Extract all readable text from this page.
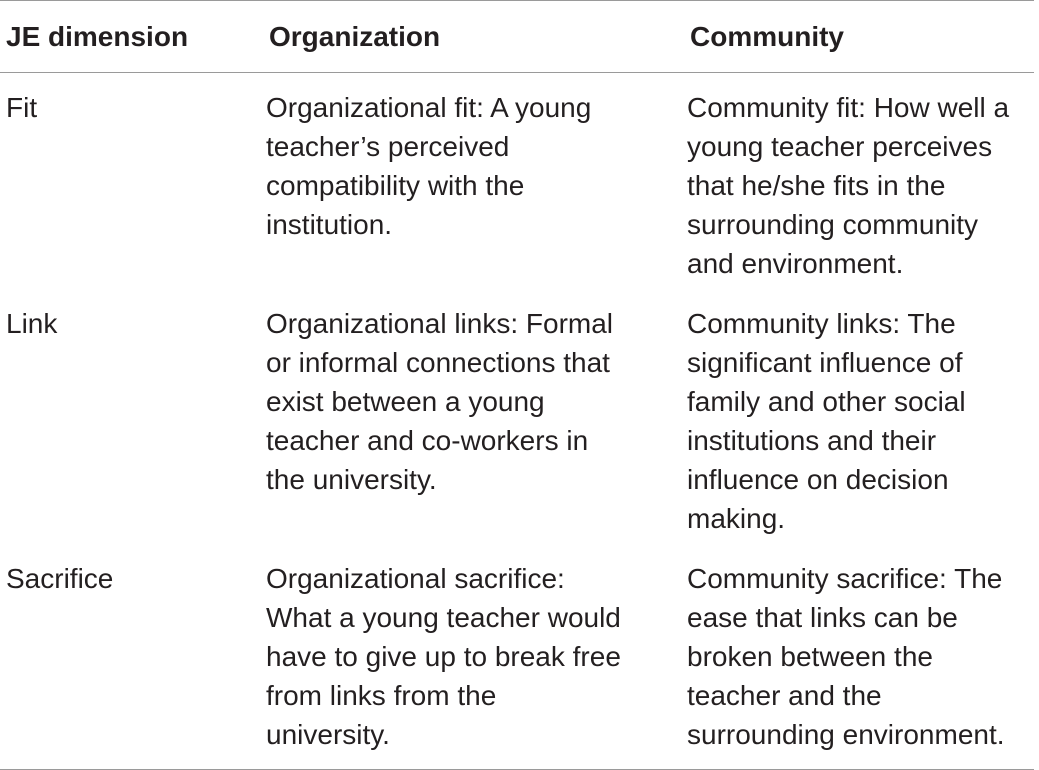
JE dimension	Organization	Community
Fit	Organizational fit: A young teacher’s perceived compatibility with the institution.	Community fit: How well a young teacher perceives that he/she fits in the surrounding community and environment.
Link	Organizational links: Formal or informal connections that exist between a young teacher and co-workers in the university.	Community links: The significant influence of family and other social institutions and their influence on decision making.
Sacrifice	Organizational sacrifice: What a young teacher would have to give up to break free from links from the university.	Community sacrifice: The ease that links can be broken between the teacher and the surrounding environment.
